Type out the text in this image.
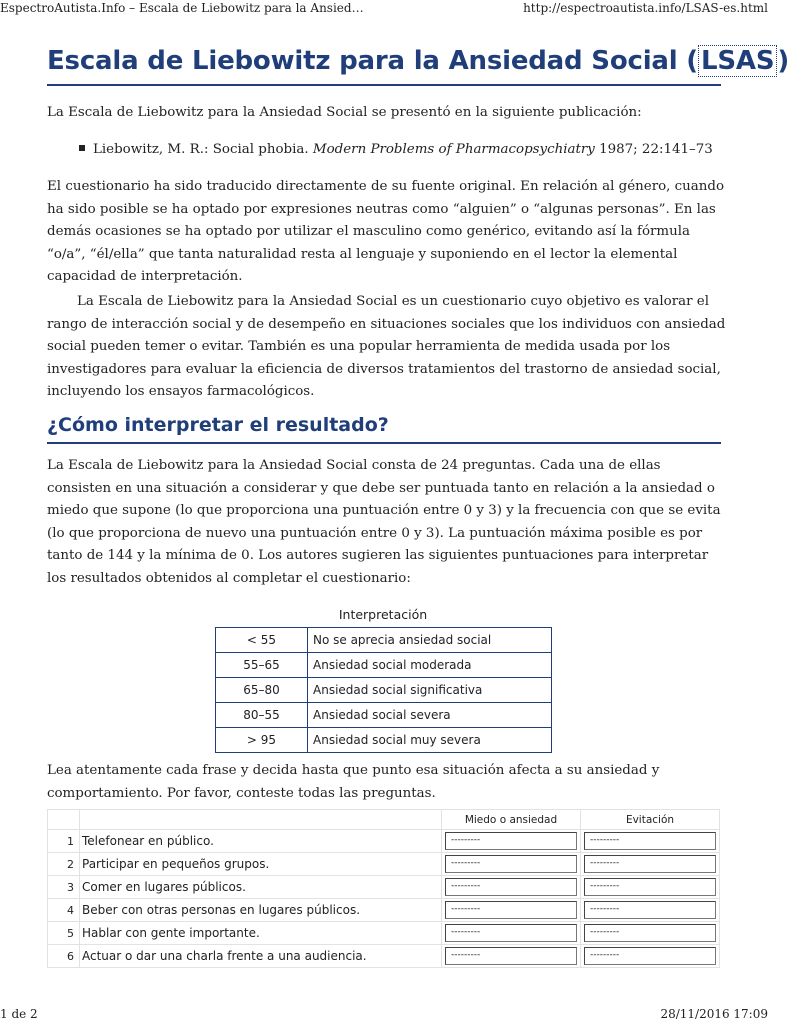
EspectroAutista.Info – Escala de Liebowitz para la Ansied…	http://espectroautista.info/LSAS-es.html
Escala de Liebowitz para la Ansiedad Social ( LSAS )

La Escala de Liebowitz para la Ansiedad Social se presentó en la siguiente publicación:

Liebowitz, M. R.: Social phobia. Modern Problems of Pharmacopsychiatry 1987; 22:141–73

El cuestionario ha sido traducido directamente de su fuente original. En relación al género, cuando ha sido posible se ha optado por expresiones neutras como “alguien” o “algunas personas”. En las demás ocasiones se ha optado por utilizar el masculino como genérico, evitando así la fórmula “o/a”, “él/ella” que tanta naturalidad resta al lenguaje y suponiendo en el lector la elemental capacidad de interpretación.

La Escala de Liebowitz para la Ansiedad Social es un cuestionario cuyo objetivo es valorar el rango de interacción social y de desempeño en situaciones sociales que los individuos con ansiedad social pueden temer o evitar. También es una popular herramienta de medida usada por los investigadores para evaluar la eficiencia de diversos tratamientos del trastorno de ansiedad social, incluyendo los ensayos farmacológicos.

¿Cómo interpretar el resultado?

La Escala de Liebowitz para la Ansiedad Social consta de 24 preguntas. Cada una de ellas consisten en una situación a considerar y que debe ser puntuada tanto en relación a la ansiedad o miedo que supone (lo que proporciona una puntuación entre 0 y 3) y la frecuencia con que se evita (lo que proporciona de nuevo una puntuación entre 0 y 3). La puntuación máxima posible es por tanto de 144 y la mínima de 0. Los autores sugieren las siguientes puntuaciones para interpretar los resultados obtenidos al completar el cuestionario:

Interpretación
< 55	No se aprecia ansiedad social
55–65	Ansiedad social moderada
65–80	Ansiedad social significativa
80–55	Ansiedad social severa
> 95	Ansiedad social muy severa

Lea atentamente cada frase y decida hasta que punto esa situación afecta a su ansiedad y comportamiento. Por favor, conteste todas las preguntas.

		Miedo o ansiedad	Evitación
1	Telefonear en público.	---------	---------

2	Participar en pequeños grupos.	---------	---------

3	Comer en lugares públicos.	---------	---------

4	Beber con otras personas en lugares públicos.	---------	---------

5	Hablar con gente importante.	---------	---------

6	Actuar o dar una charla frente a una audiencia.	---------	---------
1 de 2	28/11/2016 17:09
